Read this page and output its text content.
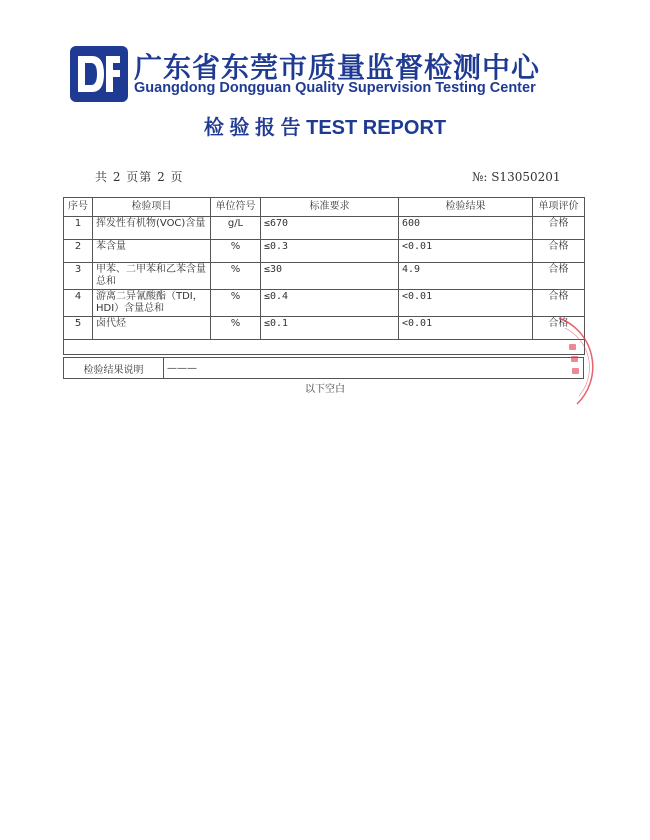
广东省东莞市质量监督检测中心
Guangdong Dongguan Quality Supervision Testing Center
检 验 报 告 TEST REPORT
共 2 页第 2 页	№: S13050201
序号	检验项目	单位符号	标准要求	检验结果	单项评价
1	挥发性有机物(VOC)含量	g/L	≤670	600	合格
2	苯含量	%	≤0.3	<0.01	合格
3	甲苯、二甲苯和乙苯含量总和	%	≤30	4.9	合格
4	游离二异氰酸酯（TDI，HDI）含量总和	%	≤0.4	<0.01	合格
5	卤代烃	%	≤0.1	<0.01	合格

检验结果说明	———
以下空白
